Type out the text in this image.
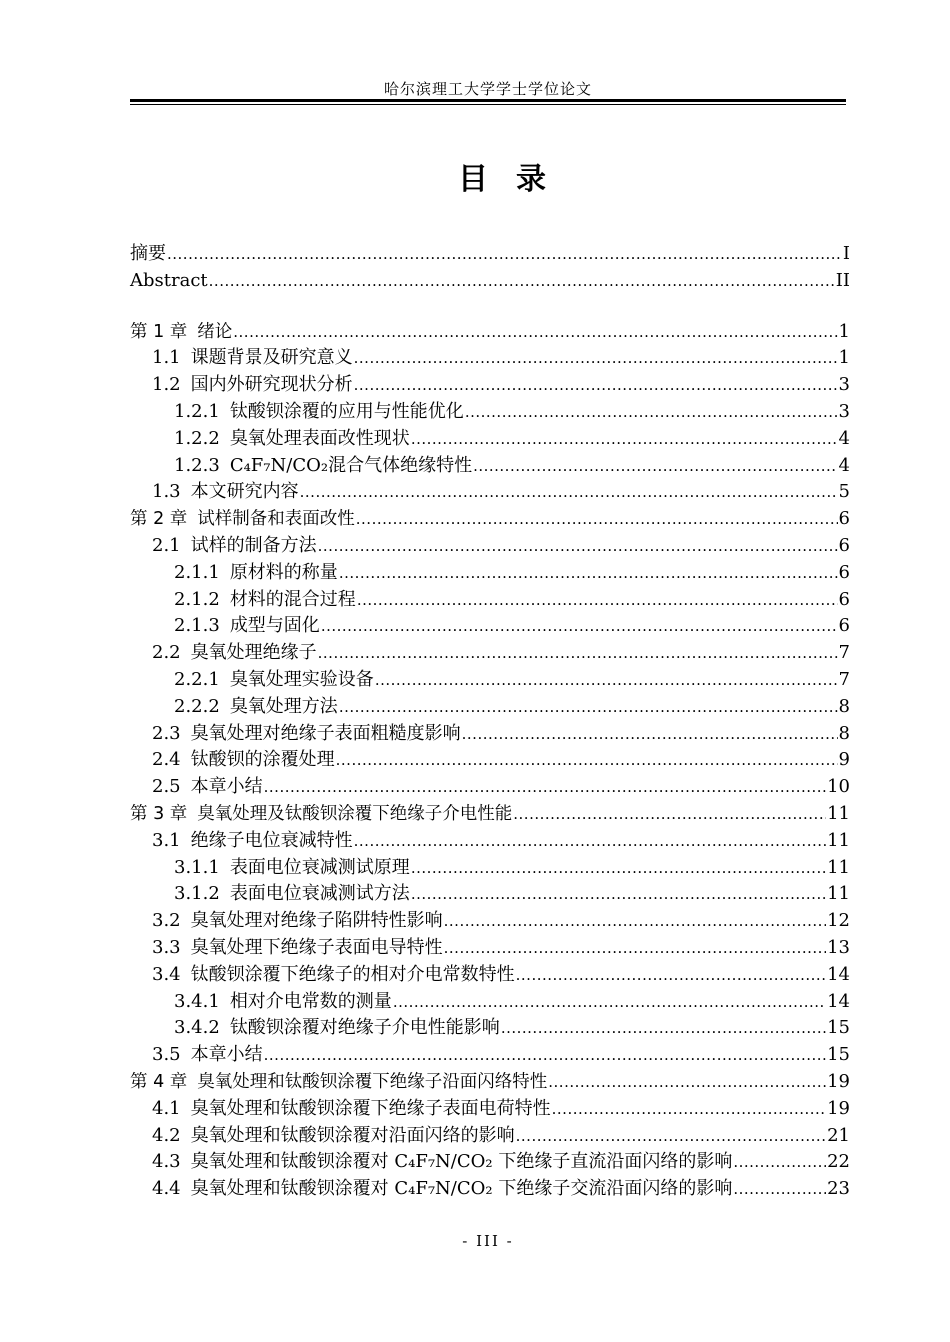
哈尔滨理工大学学士学位论文
目录
摘要 .....	I
Abstract .....	II
第 1 章 绪论 .....	1
1.1 课题背景及研究意义 .....	1
1.2 国内外研究现状分析 .....	3
1.2.1 钛酸钡涂覆的应用与性能优化 .....	3
1.2.2 臭氧处理表面改性现状 .....	4
1.2.3 C₄F₇N/CO₂混合气体绝缘特性 .....	4
1.3 本文研究内容 .....	5
第 2 章 试样制备和表面改性 .....	6
2.1 试样的制备方法 .....	6
2.1.1 原材料的称量 .....	6
2.1.2 材料的混合过程 .....	6
2.1.3 成型与固化 .....	6
2.2 臭氧处理绝缘子 .....	7
2.2.1 臭氧处理实验设备 .....	7
2.2.2 臭氧处理方法 .....	8
2.3 臭氧处理对绝缘子表面粗糙度影响 .....	8
2.4 钛酸钡的涂覆处理 .....	9
2.5 本章小结 .....	10
第 3 章 臭氧处理及钛酸钡涂覆下绝缘子介电性能 .....	11
3.1 绝缘子电位衰减特性 .....	11
3.1.1 表面电位衰减测试原理 .....	11
3.1.2 表面电位衰减测试方法 .....	11
3.2 臭氧处理对绝缘子陷阱特性影响 .....	12
3.3 臭氧处理下绝缘子表面电导特性 .....	13
3.4 钛酸钡涂覆下绝缘子的相对介电常数特性 .....	14
3.4.1 相对介电常数的测量 .....	14
3.4.2 钛酸钡涂覆对绝缘子介电性能影响 .....	15
3.5 本章小结 .....	15
第 4 章 臭氧处理和钛酸钡涂覆下绝缘子沿面闪络特性 .....	19
4.1 臭氧处理和钛酸钡涂覆下绝缘子表面电荷特性 .....	19
4.2 臭氧处理和钛酸钡涂覆对沿面闪络的影响 .....	21
4.3 臭氧处理和钛酸钡涂覆对 C₄F₇N/CO₂ 下绝缘子直流沿面闪络的影响 .....	22
4.4 臭氧处理和钛酸钡涂覆对 C₄F₇N/CO₂ 下绝缘子交流沿面闪络的影响 .....	23
- III -
